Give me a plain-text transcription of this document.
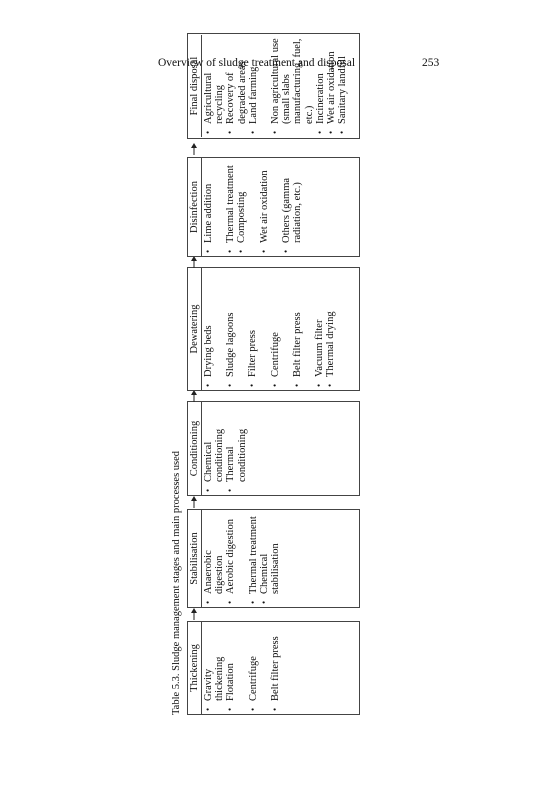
Overview of sludge treatment and disposal	253
Table 5.3. Sludge management stages and main processes used Thickening • Gravity thickening • Flotation • Centrifuge • Belt filter press
Stabilisation • Anaerobic digestion • Aerobic digestion • Thermal treatment • Chemical stabilisation
Conditioning • Chemical conditioning • Thermal conditioning
Dewatering • Drying beds • Sludge lagoons • Filter press • Centrifuge • Belt filter press • Vacuum filter • Thermal drying
Disinfection • Lime addition • Thermal treatment • Composting • Wet air oxidation • Others (gamma radiation, etc.)
Final disposal • Agricultural recycling • Recovery of degraded areas • Land farming • Non agricultural use (small slabs manufacturing, fuel, etc.) • Incineration • Wet air oxidation • Sanitary landfill
